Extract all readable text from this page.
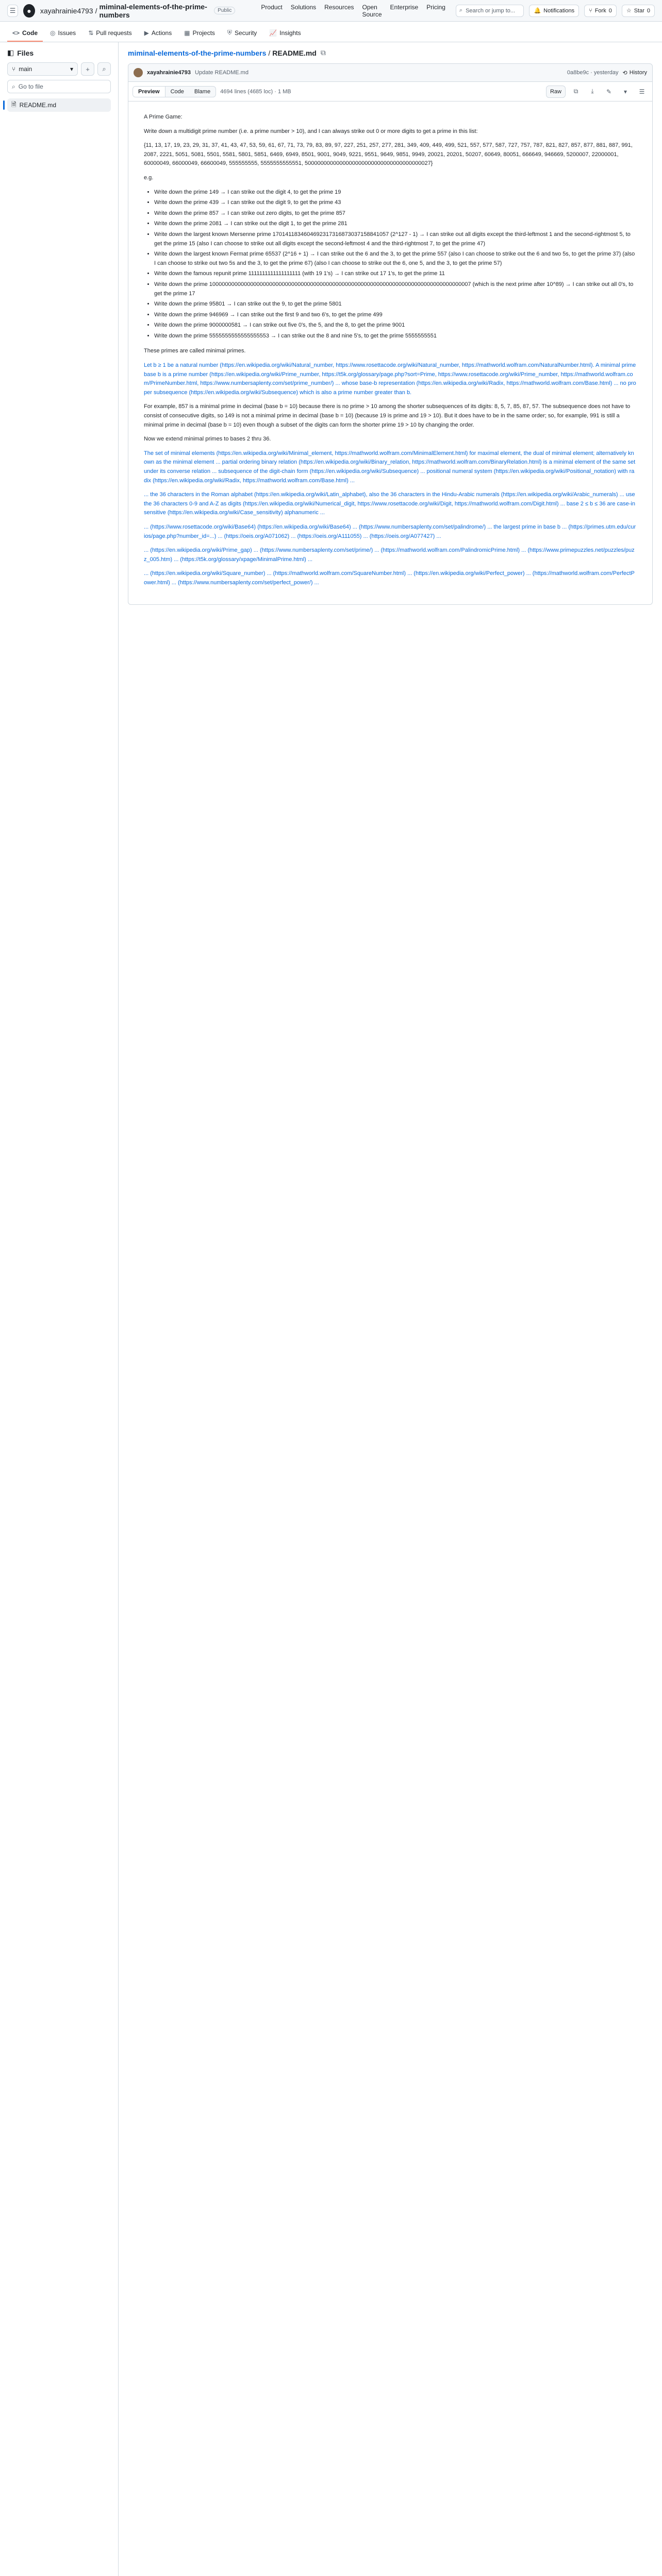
☰	●	xayahrainie4793 / miminal-elements-of-the-prime-numbers	Public	Product Solutions Resources Open Source
Enterprise Pricing ⌕ Search or jump to...	🔔 Notifications	⑂ Fork 0	☆ Star 0
<> Code ◎ Issues ⇅ Pull requests ▶ Actions ▦ Projects ⛨ Security 📈 Insights
◧ Files
⑂ main	▾	+	⌕
⌕ Go to file
🗎 README.md
miminal-elements-of-the-prime-numbers / README.md ⧉
xayahrainie4793 Update README.md	0a8be9c · yesterday ⟲ History
Preview	Code	Blame	4694 lines (4685 loc) · 1 MB	Raw	⧉	⤓	✎	▾	☰

A Prime Game:

Write down a multidigit prime number (i.e. a prime number > 10), and I can always strike out 0 or more digits to get a prime in this list:

{11, 13, 17, 19, 23, 29, 31, 37, 41, 43, 47, 53, 59, 61, 67, 71, 73, 79, 83, 89, 97, 227, 251, 257, 277, 281, 349, 409, 449, 499, 521, 557, 577, 587, 727, 757, 787, 821, 827, 857, 877, 881, 887, 991, 2087, 2221, 5051, 5081, 5501, 5581, 5801, 5851, 6469, 6949, 8501, 9001, 9049, 9221, 9551, 9649, 9851, 9949, 20021, 20201, 50207, 60649, 80051, 666649, 946669, 5200007, 22000001, 60000049, 66000049, 66600049, 555555555, 5555555555551, 5000000000000000000000000000000000000027}

e.g.

• Write down the prime 149 → I can strike out the digit 4, to get the prime 19
• Write down the prime 439 → I can strike out the digit 9, to get the prime 43
• Write down the prime 857 → I can strike out zero digits, to get the prime 857
• Write down the prime 2081 → I can strike out the digit 1, to get the prime 281
• Write down the largest known Mersenne prime 1701411834604692317316873037158841057 (2^127 - 1) → I can strike out all digits except the third-leftmost 1 and the second-rightmost 5, to get the prime 15 (also I can choose to strike out all digits except the second-leftmost 4 and the third-rightmost 7, to get the prime 47)
• Write down the largest known Fermat prime 65537 (2^16 + 1) → I can strike out the 6 and the 3, to get the prime 557 (also I can choose to strike out the 6 and two 5s, to get the prime 37) (also I can choose to strike out two 5s and the 3, to get the prime 67) (also I can choose to strike out the 6, one 5, and the 3, to get the prime 57)
• Write down the famous repunit prime 1111111111111111111 (with 19 1's) → I can strike out 17 1's, to get the prime 11
• Write down the prime 10000000000000000000000000000000000000000000000000000000000000000000000000000000007 (which is the next prime after 10^89) → I can strike out all 0's, to get the prime 17
• Write down the prime 95801 → I can strike out the 9, to get the prime 5801
• Write down the prime 946969 → I can strike out the first 9 and two 6's, to get the prime 499
• Write down the prime 9000000581 → I can strike out five 0's, the 5, and the 8, to get the prime 9001
• Write down the prime 5555555555555555553 → I can strike out the 8 and nine 5's, to get the prime 5555555551

These primes are called minimal primes.

Let b ≥ 1 be a natural number (https://en.wikipedia.org/wiki/Natural_number, https://www.rosettacode.org/wiki/Natural_number, https://mathworld.wolfram.com/NaturalNumber.html). A minimal prime base b is a prime number (https://en.wikipedia.org/wiki/Prime_number, https://t5k.org/glossary/page.php?sort=Prime, https://www.rosettacode.org/wiki/Prime_number, https://mathworld.wolfram.com/PrimeNumber.html, https://www.numbersaplenty.com/set/prime_number/) ... whose base-b representation (https://en.wikipedia.org/wiki/Radix, https://mathworld.wolfram.com/Base.html) ... no proper subsequence (https://en.wikipedia.org/wiki/Subsequence) which is also a prime number greater than b.

For example, 857 is a minimal prime in decimal (base b = 10) because there is no prime > 10 among the shorter subsequences of its digits: 8, 5, 7, 85, 87, 57. The subsequence does not have to consist of consecutive digits, so 149 is not a minimal prime in decimal (base b = 10) (because 19 is prime and 19 > 10). But it does have to be in the same order; so, for example, 991 is still a minimal prime in decimal (base b = 10) even though a subset of the digits can form the shorter prime 19 > 10 by changing the order.

Now we extend minimal primes to bases 2 thru 36.

The set of minimal elements (https://en.wikipedia.org/wiki/Minimal_element, https://mathworld.wolfram.com/MinimalElement.html) for maximal element, the dual of minimal element; alternatively known as the minimal element ... partial ordering binary relation (https://en.wikipedia.org/wiki/Binary_relation, https://mathworld.wolfram.com/BinaryRelation.html) is a minimal element of the same set under its converse relation ... subsequence of the digit-chain form (https://en.wikipedia.org/wiki/Subsequence) ... positional numeral system (https://en.wikipedia.org/wiki/Positional_notation) with radix (https://en.wikipedia.org/wiki/Radix, https://mathworld.wolfram.com/Base.html) ...

... the 36 characters in the Roman alphabet (https://en.wikipedia.org/wiki/Latin_alphabet), also the 36 characters in the Hindu-Arabic numerals (https://en.wikipedia.org/wiki/Arabic_numerals) ... use the 36 characters 0-9 and A-Z as digits (https://en.wikipedia.org/wiki/Numerical_digit, https://www.rosettacode.org/wiki/Digit, https://mathworld.wolfram.com/Digit.html) ... base 2 ≤ b ≤ 36 are case-insensitive (https://en.wikipedia.org/wiki/Case_sensitivity) alphanumeric ...

... (https://www.rosettacode.org/wiki/Base64) (https://en.wikipedia.org/wiki/Base64) ... (https://www.numbersaplenty.com/set/palindrome/) ... the largest prime in base b ... (https://primes.utm.edu/curios/page.php?number_id=...) ... (https://oeis.org/A071062) ... (https://oeis.org/A111055) ... (https://oeis.org/A077427) ...

... (https://en.wikipedia.org/wiki/Prime_gap) ... (https://www.numbersaplenty.com/set/prime/) ... (https://mathworld.wolfram.com/PalindromicPrime.html) ... (https://www.primepuzzles.net/puzzles/puzz_005.htm) ... (https://t5k.org/glossary/xpage/MinimalPrime.html) ...

... (https://en.wikipedia.org/wiki/Square_number) ... (https://mathworld.wolfram.com/SquareNumber.html) ... (https://en.wikipedia.org/wiki/Perfect_power) ... (https://mathworld.wolfram.com/PerfectPower.html) ... (https://www.numbersaplenty.com/set/perfect_power/) ...
